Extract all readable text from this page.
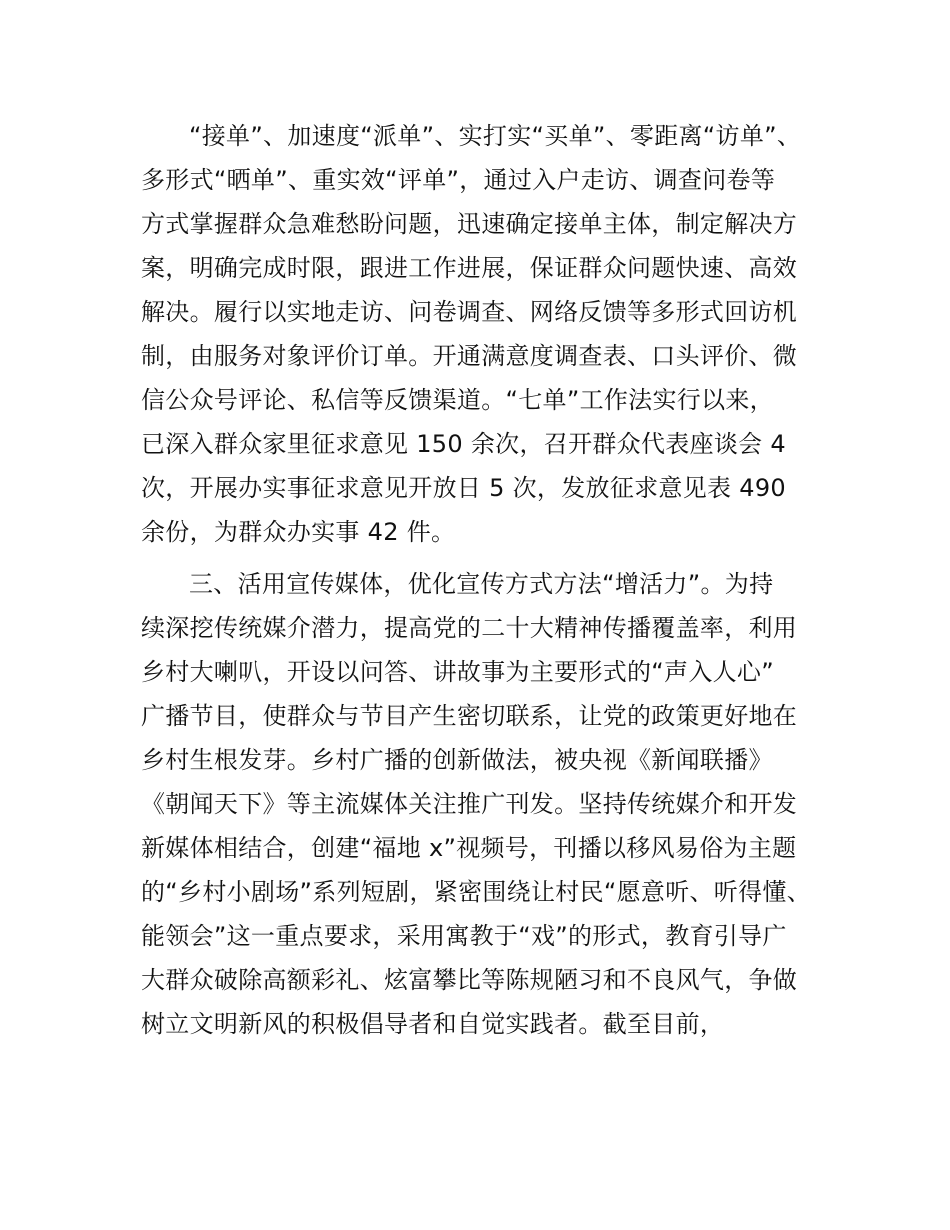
“接单”、加速度“派单”、实打实“买单”、零距离“访单”、

多形式“晒单”、重实效“评单”，通过入户走访、调查问卷等

方式掌握群众急难愁盼问题，迅速确定接单主体，制定解决方

案，明确完成时限，跟进工作进展，保证群众问题快速、高效

解决。履行以实地走访、问卷调查、网络反馈等多形式回访机

制，由服务对象评价订单。开通满意度调查表、口头评价、微

信公众号评论、私信等反馈渠道。“七单”工作法实行以来，

已深入群众家里征求意见 150 余次，召开群众代表座谈会 4

次，开展办实事征求意见开放日 5 次，发放征求意见表 490

余份，为群众办实事 42 件。

三、活用宣传媒体，优化宣传方式方法“增活力”。为持

续深挖传统媒介潜力，提高党的二十大精神传播覆盖率，利用

乡村大喇叭，开设以问答、讲故事为主要形式的“声入人心”

广播节目，使群众与节目产生密切联系，让党的政策更好地在

乡村生根发芽。乡村广播的创新做法，被央视《新闻联播》

《朝闻天下》等主流媒体关注推广刊发。坚持传统媒介和开发

新媒体相结合，创建“福地 x”视频号，刊播以移风易俗为主题

的“乡村小剧场”系列短剧，紧密围绕让村民“愿意听、听得懂、

能领会”这一重点要求，采用寓教于“戏”的形式，教育引导广

大群众破除高额彩礼、炫富攀比等陈规陋习和不良风气，争做

树立文明新风的积极倡导者和自觉实践者。截至目前，
